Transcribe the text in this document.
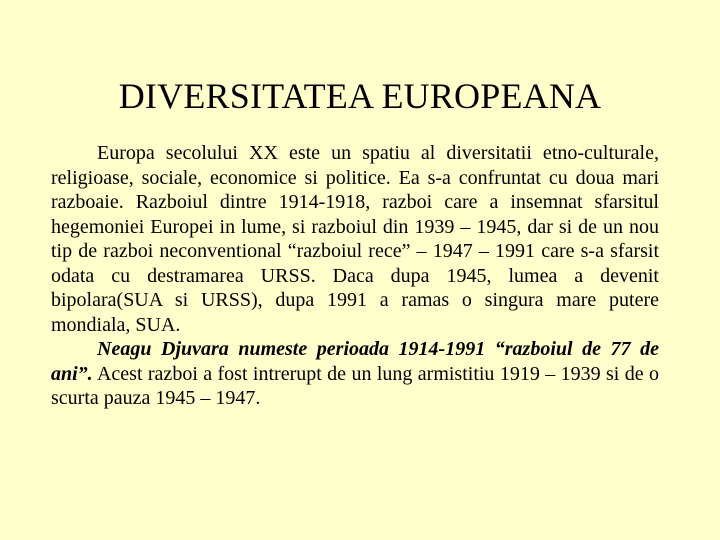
DIVERSITATEA EUROPEANA

Europa secolului XX este un spatiu al diversitatii etno-culturale, religioase, sociale, economice si politice. Ea s-a confruntat cu doua mari razboaie. Razboiul dintre 1914-1918, razboi care a insemnat sfarsitul hegemoniei Europei in lume, si razboiul din 1939 – 1945, dar si de un nou tip de razboi neconventional “razboiul rece” – 1947 – 1991 care s-a sfarsit odata cu destramarea URSS. Daca dupa 1945, lumea a devenit bipolara(SUA si URSS), dupa 1991 a ramas o singura mare putere mondiala, SUA.

Neagu Djuvara numeste perioada 1914-1991 “razboiul de 77 de ani”. Acest razboi a fost intrerupt de un lung armistitiu 1919 – 1939 si de o scurta pauza 1945 – 1947.
